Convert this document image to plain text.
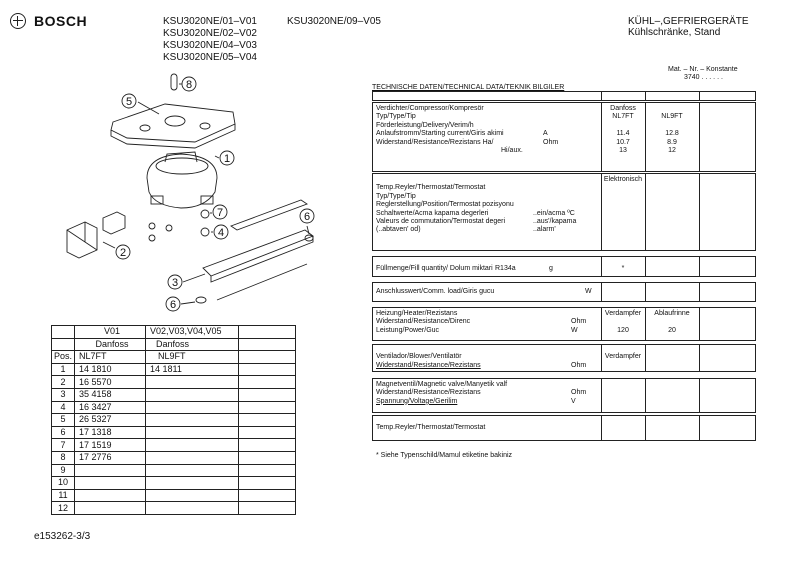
BOSCH	KSU3020NE/01–V01
KSU3020NE/02–V02
KSU3020NE/04–V03
KSU3020NE/05–V04
KSU3020NE/09–V05	KÜHL–,GEFRIERGERÄTE
Kühlschränke, Stand
Mat. – Nr. – Konstante
3740 . . . . . .
8
5
1
7
4
2
3
6
6
	V01	V02,V03,V04,V05	
	Danfoss	Danfoss	
Pos.	NL7FT	NL9FT	
1	14 1810	14 1811	
2	16 5570		
3	35 4158		
4	16 3427		
5	26 5327		
6	17 1318		
7	17 1519		
8	17 2776		
9			
10			
11			
12			
TECHNISCHE DATEN/TECHNICAL DATA/TEKNIK BILGILER
Verdichter/Compressor/Kompresör	Danfoss
Typ/Type/Tip	NL7FT	NL9FT
Förderleistung/Delivery/Verim/h
Anlaufstromm/Starting current/Giris akimi	A	11.4	12.8
Widerstand/Resistance/Rezistans Ha/	Ohm	10.7	8.9
Hi/aux.	13	12
Elektronisch
Temp.Reyler/Thermostat/Termostat
Typ/Type/Tip
Reglerstellung/Position/Termostat pozisyonu
Schaltwerte/Acma kapama degerleri	..ein/acma ºC
Valeurs de commutation/Termostat degeri	..aus'/kapama
(..abtaven' od)	..alarm'
Füllmenge/Fill quantity/ Dolum miktari R134a	g	*
Anschlusswert/Comm. load/Giris gucu	W
Heizung/Heater/Rezistans	Verdampfer	Ablaufrinne
Widerstand/Resistance/Direnc	Ohm
Leistung/Power/Guc	W	120	20
Ventilador/Blower/Ventilatör	Verdampfer
Widerstand/Resistance/Rezistans	Ohm
Magnetventil/Magnetic valve/Manyetik valf
Widerstand/Resistance/Rezistans	Ohm
Spannung/Voltage/Gerilim	V
Temp.Reyler/Thermostat/Termostat
* Siehe Typenschild/Mamul etiketine bakiniz
e153262-3/3
